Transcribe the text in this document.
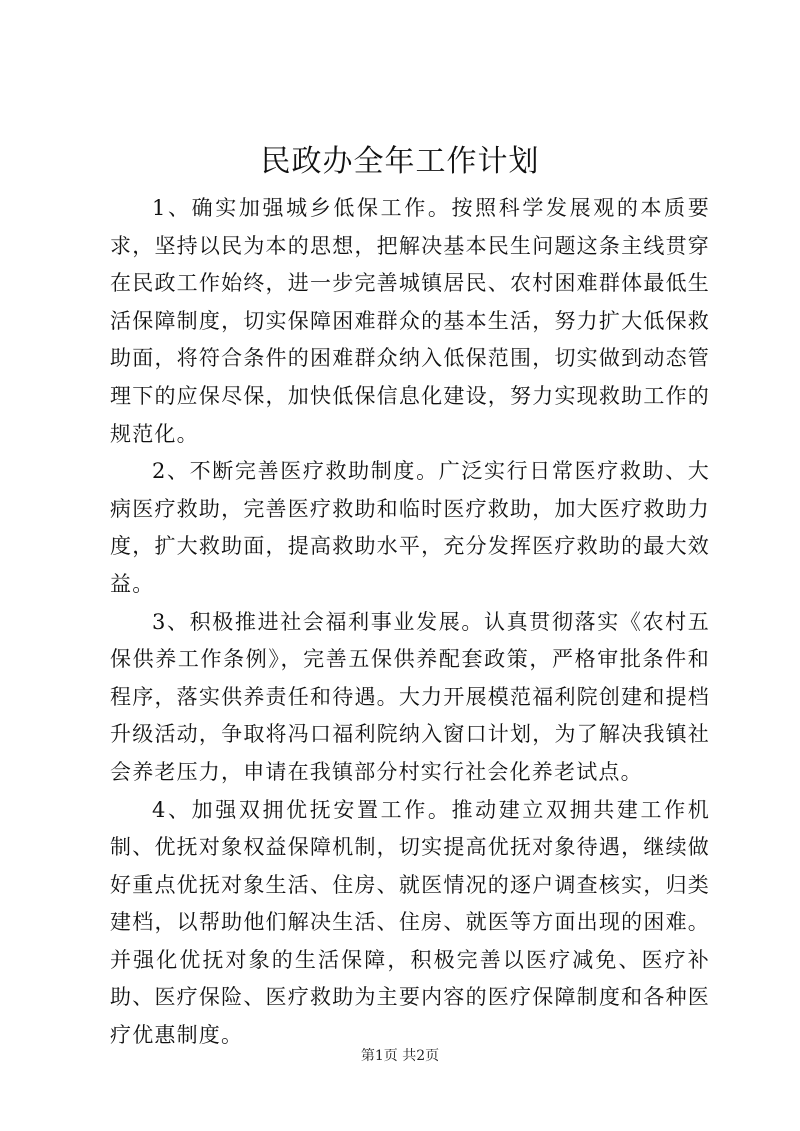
民政办全年工作计划

1、确实加强城乡低保工作。按照科学发展观的本质要求，坚持以民为本的思想，把解决基本民生问题这条主线贯穿在民政工作始终，进一步完善城镇居民、农村困难群体最低生活保障制度，切实保障困难群众的基本生活，努力扩大低保救助面，将符合条件的困难群众纳入低保范围，切实做到动态管理下的应保尽保，加快低保信息化建设，努力实现救助工作的规范化。

2、不断完善医疗救助制度。广泛实行日常医疗救助、大病医疗救助，完善医疗救助和临时医疗救助，加大医疗救助力度，扩大救助面，提高救助水平，充分发挥医疗救助的最大效益。

3、积极推进社会福利事业发展。认真贯彻落实《农村五保供养工作条例》，完善五保供养配套政策，严格审批条件和程序，落实供养责任和待遇。大力开展模范福利院创建和提档升级活动，争取将冯口福利院纳入窗口计划，为了解决我镇社会养老压力，申请在我镇部分村实行社会化养老试点。

4、加强双拥优抚安置工作。推动建立双拥共建工作机制、优抚对象权益保障机制，切实提高优抚对象待遇，继续做好重点优抚对象生活、住房、就医情况的逐户调查核实，归类建档，以帮助他们解决生活、住房、就医等方面出现的困难。并强化优抚对象的生活保障，积极完善以医疗减免、医疗补助、医疗保险、医疗救助为主要内容的医疗保障制度和各种医疗优惠制度。

第1页 共2页
